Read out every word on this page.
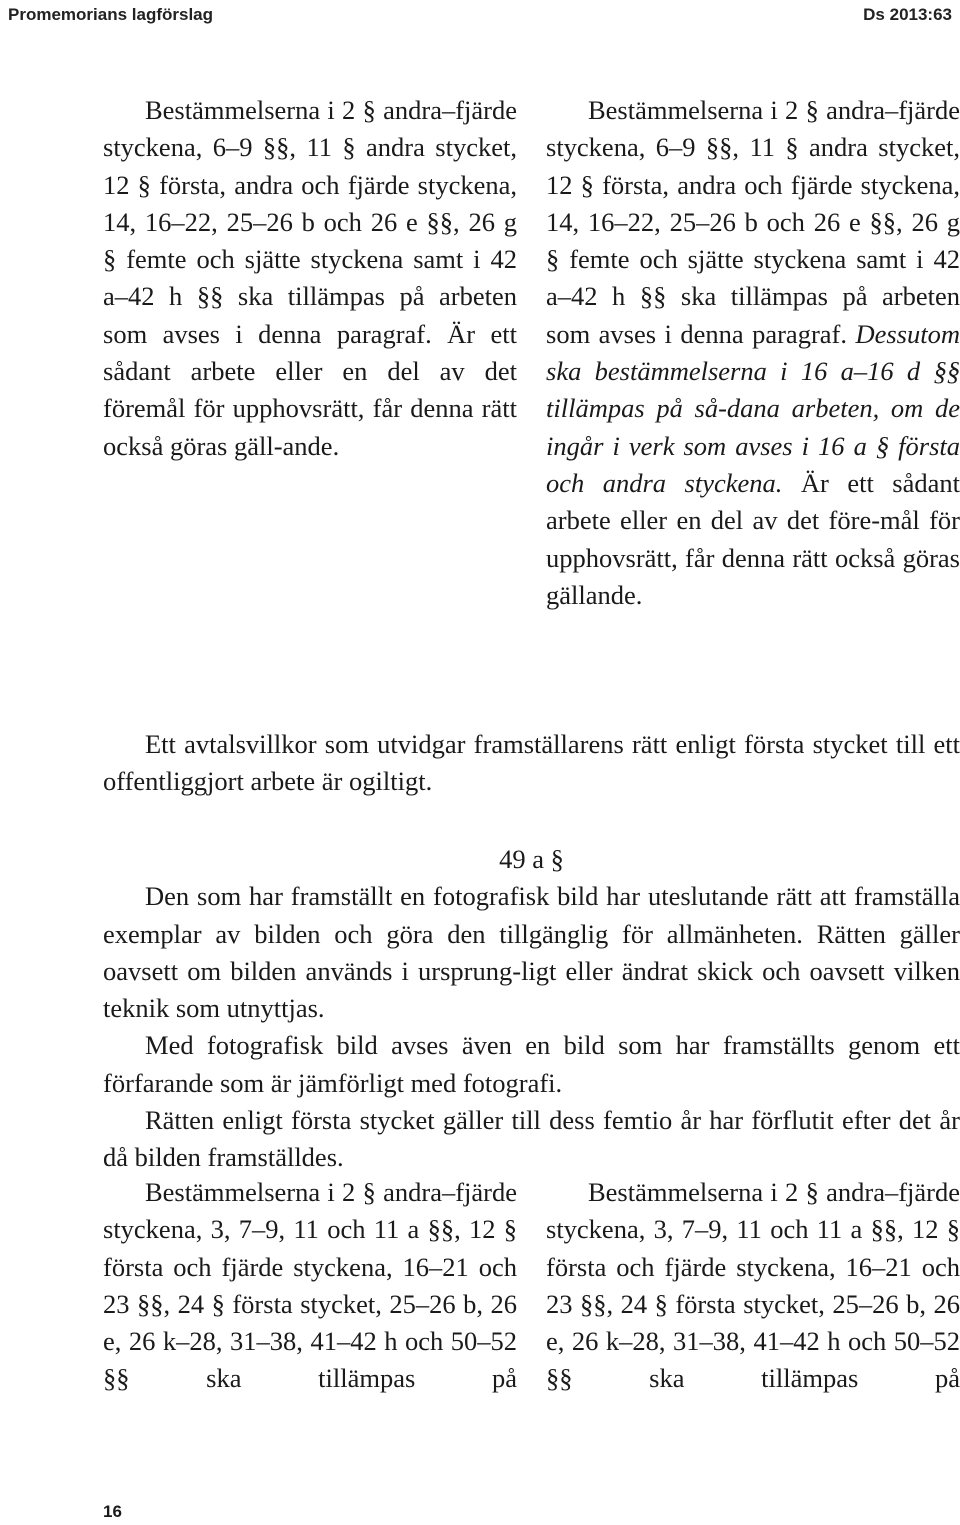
Promemorians lagförslag	Ds 2013:63

Bestämmelserna i 2 § andra–fjärde styckena, 6–9 §§, 11 § andra stycket, 12 § första, andra och fjärde styckena, 14, 16–22, 25–26 b och 26 e §§, 26 g § femte och sjätte styckena samt i 42 a–42 h §§ ska tillämpas på arbeten som avses i denna paragraf. Är ett sådant arbete eller en del av det föremål för upphovsrätt, får denna rätt också göras gäll-ande.

Bestämmelserna i 2 § andra–fjärde styckena, 6–9 §§, 11 § andra stycket, 12 § första, andra och fjärde styckena, 14, 16–22, 25–26 b och 26 e §§, 26 g § femte och sjätte styckena samt i 42 a–42 h §§ ska tillämpas på arbeten som avses i denna paragraf. Dessutom ska bestämmelserna i 16 a–16 d §§ tillämpas på så-dana arbeten, om de ingår i verk som avses i 16 a § första och andra styckena. Är ett sådant arbete eller en del av det före-mål för upphovsrätt, får denna rätt också göras gällande.

Ett avtalsvillkor som utvidgar framställarens rätt enligt första stycket till ett offentliggjort arbete är ogiltigt.

49 a §

Den som har framställt en fotografisk bild har uteslutande rätt att framställa exemplar av bilden och göra den tillgänglig för allmänheten. Rätten gäller oavsett om bilden används i ursprung-ligt eller ändrat skick och oavsett vilken teknik som utnyttjas.

Med fotografisk bild avses även en bild som har framställts genom ett förfarande som är jämförligt med fotografi.

Rätten enligt första stycket gäller till dess femtio år har förflutit efter det år då bilden framställdes.

Bestämmelserna i 2 § andra–fjärde styckena, 3, 7–9, 11 och 11 a §§, 12 § första och fjärde styckena, 16–21 och 23 §§, 24 § första stycket, 25–26 b, 26 e, 26 k–28, 31–38, 41–42 h och 50–52 §§ ska tillämpas på

Bestämmelserna i 2 § andra–fjärde styckena, 3, 7–9, 11 och 11 a §§, 12 § första och fjärde styckena, 16–21 och 23 §§, 24 § första stycket, 25–26 b, 26 e, 26 k–28, 31–38, 41–42 h och 50–52 §§ ska tillämpas på

16
